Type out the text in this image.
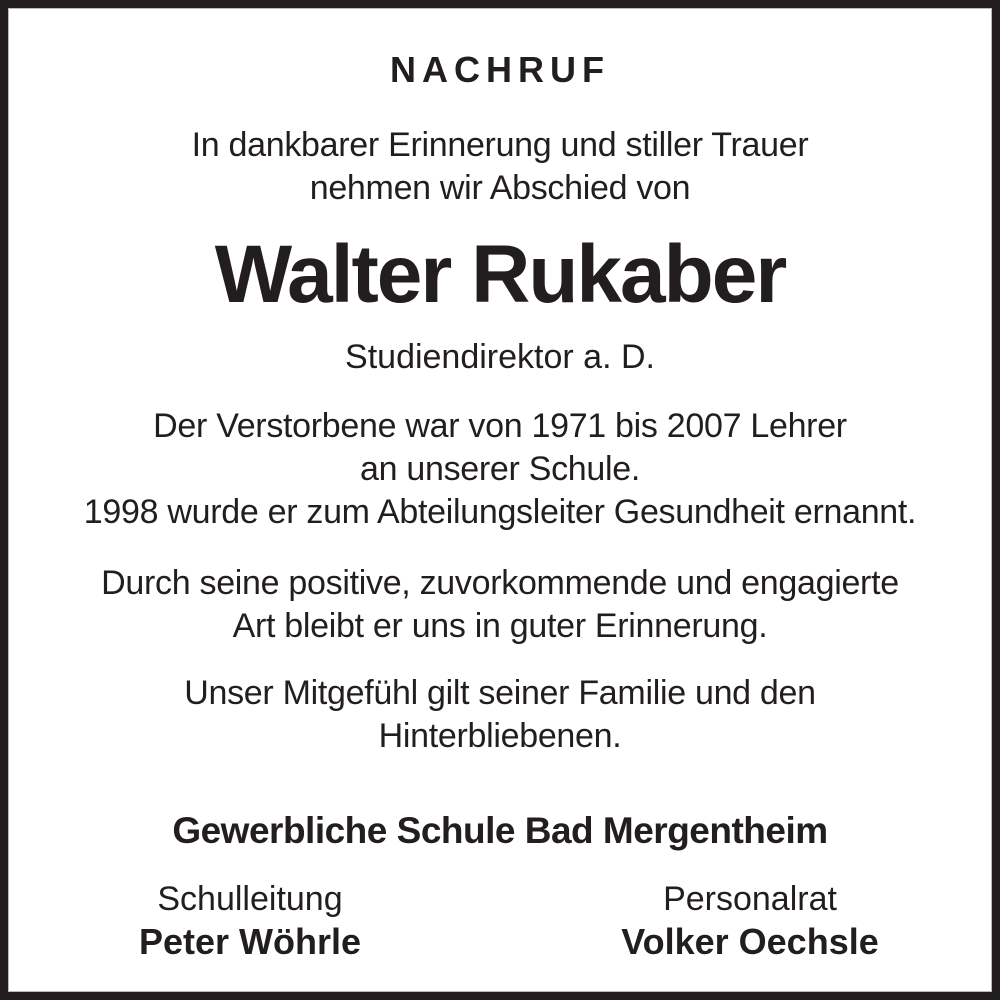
NACHRUF
In dankbarer Erinnerung und stiller Trauer
nehmen wir Abschied von
Walter Rukaber
Studiendirektor a. D.
Der Verstorbene war von 1971 bis 2007 Lehrer
an unserer Schule.
1998 wurde er zum Abteilungsleiter Gesundheit ernannt.
Durch seine positive, zuvorkommende und engagierte
Art bleibt er uns in guter Erinnerung.
Unser Mitgefühl gilt seiner Familie und den
Hinterbliebenen.
Gewerbliche Schule Bad Mergentheim
Schulleitung
Peter Wöhrle
Personalrat
Volker Oechsle
